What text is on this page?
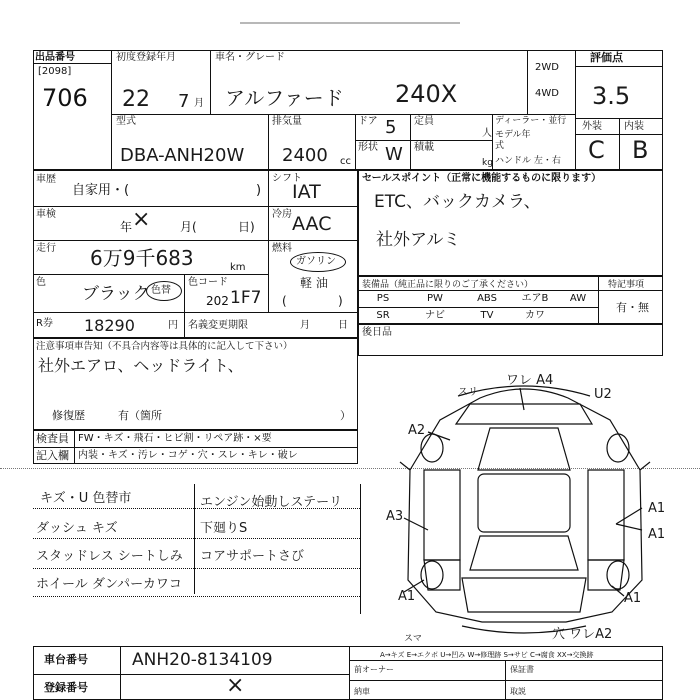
出品番号
[2098]
706
初度登録年月
22 7 月
車名・グレード
アルファード 240X
2WD
4WD
評価点
3.5
外装 内装
C B
型式
DBA-ANH20W
排気量
2400 cc
ドア 5
形状 W
定員
人
積載
kg
ディーラー・並行
モデル年式
ハンドル 左・右
車歴
自家用・(	)
車検	×
年	月(	日)
走行 6万9千683	km
色
ブラック 色替
色コード
202 1F7
R券 18290	円 名義変更期限	月	日
シフト
IAT
冷房 AAC
燃料
ガソリン
軽 油
(	)
セールスポイント（正常に機能するものに限ります）
ETC、バックカメラ、
社外アルミ
装備品（純正品に限りのご了承ください）	特記事項
有・無
PS	PW	ABS	エアB	AW
SR	ナビ	TV	カワ
注意事項車告知（不具合内容等は具体的に記入して下さい）
社外エアロ、ヘッドライト、
修復歴	有（箇所	）
後日品
検査員 FW・キズ・飛石・ヒビ割・リペア跡・×要
記入欄 内装・キズ・汚レ・コゲ・穴・スレ・キレ・破レ
キズ・U 色替市
ダッシュ キズ
スタッドレス シートしみ
ホイール ダンパーカワコ
エンジン始動しステーリ
下廻りS
コアサポートさび
A2
A3
A1
A1
A1	A1
U2
ワレ A4
スリ
穴 ワレA2
スマ
車台番号	ANH20-8134109
登録番号	×
A→キズ E→エクボ U→凹み W→修理跡 S→サビ C→腐食 XX→交換跡
前オーナー
納車
保証書
取説
